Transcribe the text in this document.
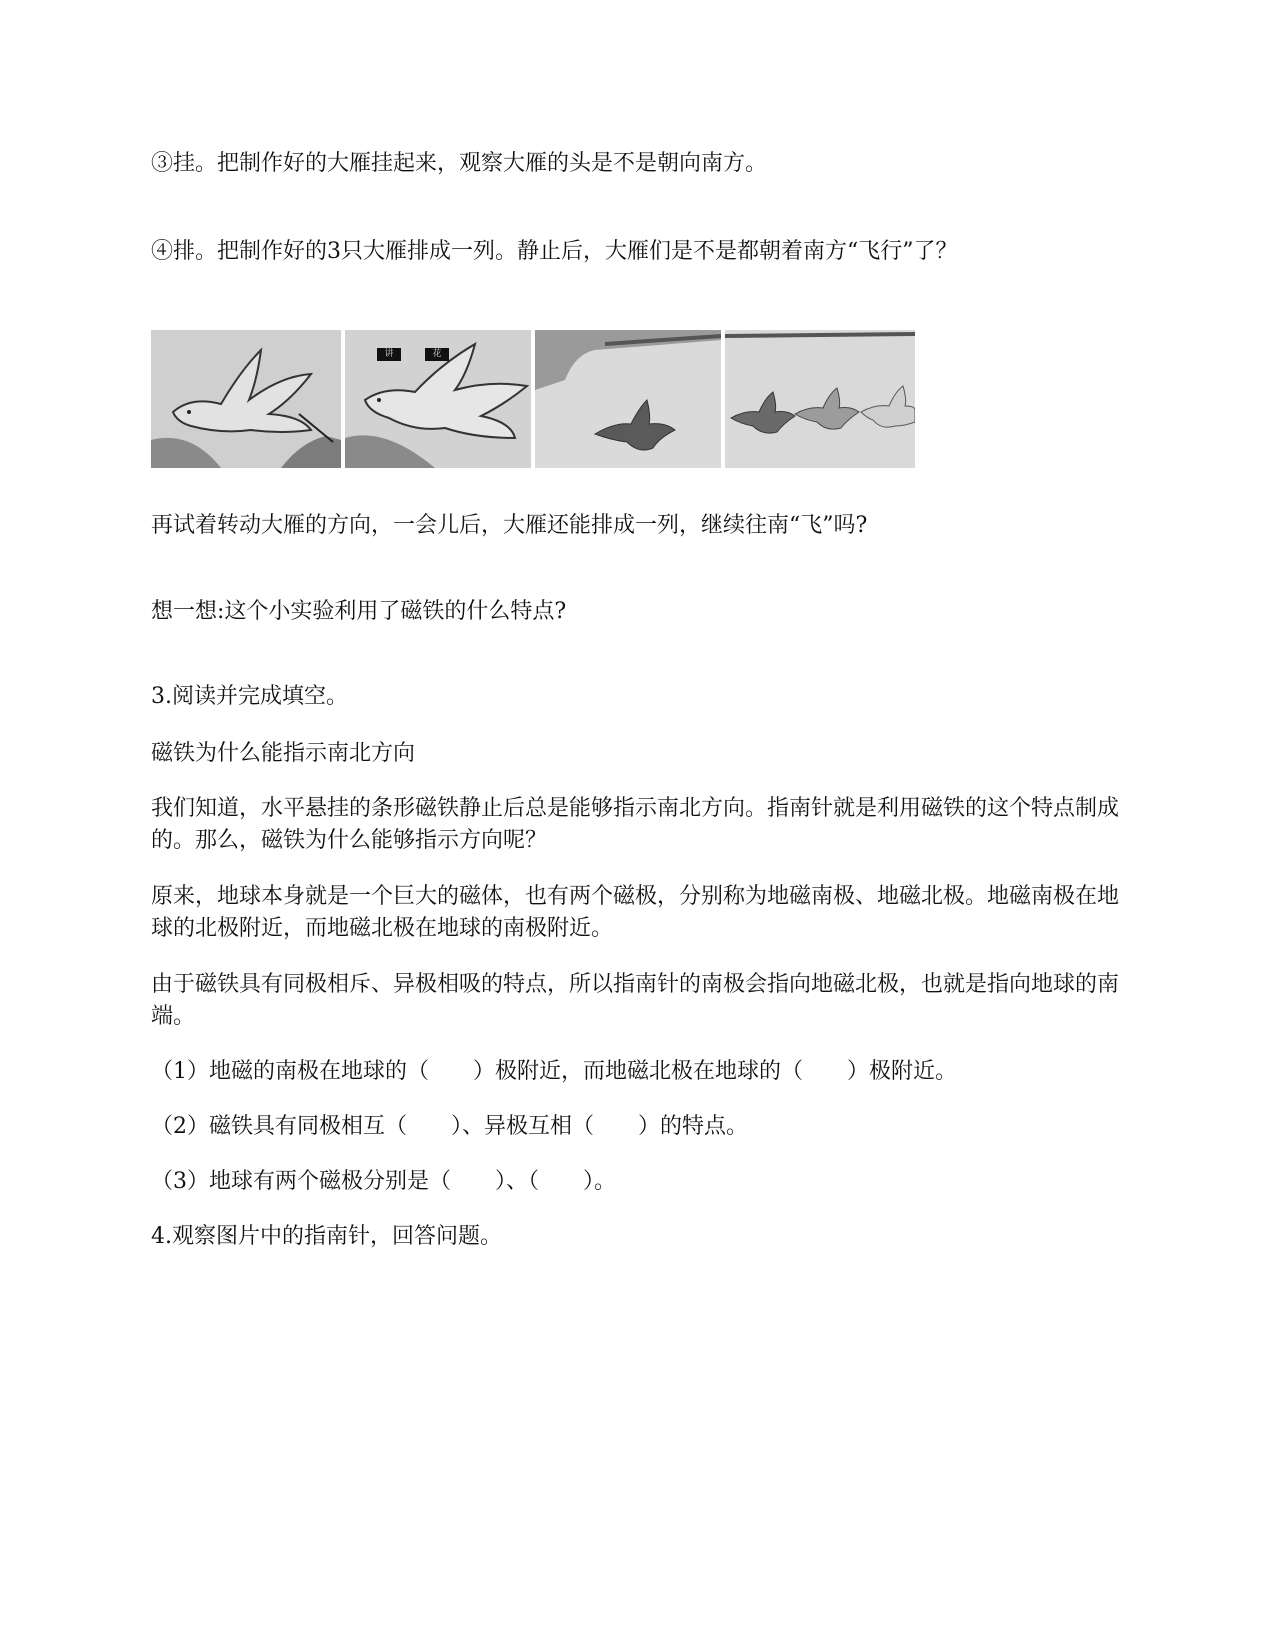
③挂。把制作好的大雁挂起来，观察大雁的头是不是朝向南方。
④排。把制作好的3只大雁排成一列。静止后，大雁们是不是都朝着南方“飞行”了？
讲	花
再试着转动大雁的方向，一会儿后，大雁还能排成一列，继续往南“飞”吗?
想一想:这个小实验利用了磁铁的什么特点?
3.阅读并完成填空。
磁铁为什么能指示南北方向
我们知道，水平悬挂的条形磁铁静止后总是能够指示南北方向。指南针就是利用磁铁的这个特点制成的。那么，磁铁为什么能够指示方向呢？
原来，地球本身就是一个巨大的磁体，也有两个磁极，分别称为地磁南极、地磁北极。地磁南极在地球的北极附近，而地磁北极在地球的南极附近。
由于磁铁具有同极相斥、异极相吸的特点，所以指南针的南极会指向地磁北极，也就是指向地球的南端。
（1）地磁的南极在地球的（　　）极附近，而地磁北极在地球的（　　）极附近。
（2）磁铁具有同极相互（　　）、异极互相（　　）的特点。
（3）地球有两个磁极分别是（　　）、（　　）。
4.观察图片中的指南针，回答问题。
